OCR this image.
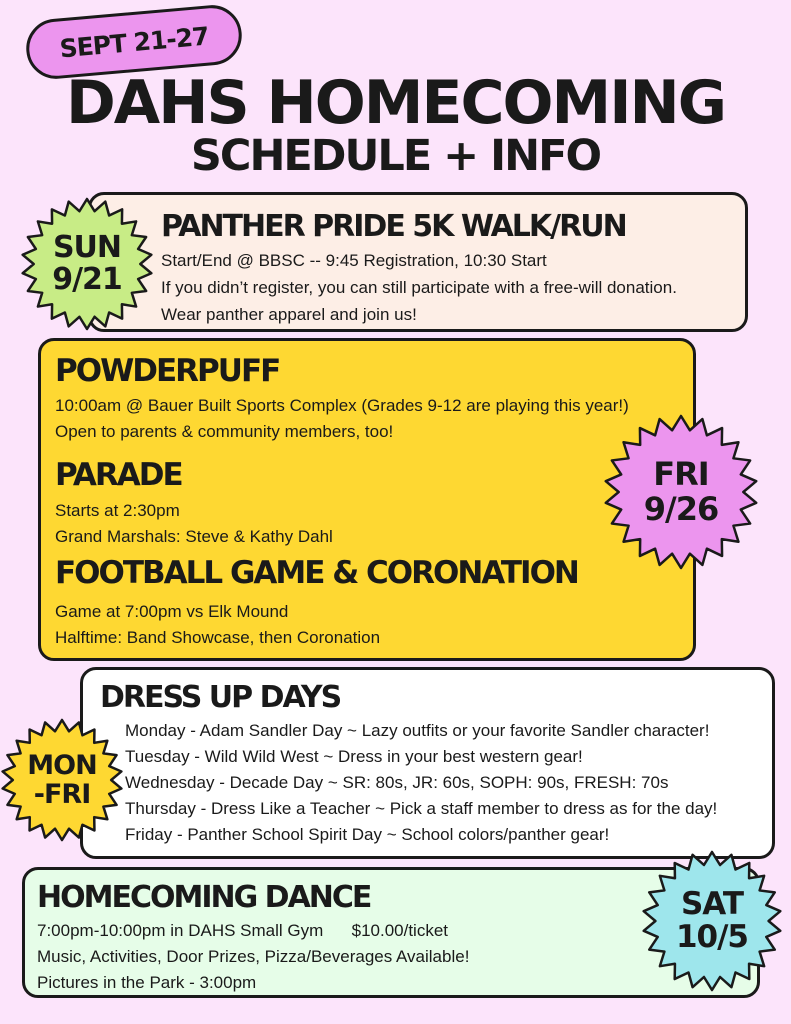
SEPT 21-27
DAHS HOMECOMING
SCHEDULE + INFO
PANTHER PRIDE 5K WALK/RUN
Start/End @ BBSC -- 9:45 Registration, 10:30 Start
If you didn’t register, you can still participate with a free-will donation.
Wear panther apparel and join us!
POWDERPUFF
10:00am @ Bauer Built Sports Complex (Grades 9-12 are playing this year!)
Open to parents & community members, too!
PARADE
Starts at 2:30pm
Grand Marshals: Steve & Kathy Dahl
FOOTBALL GAME & CORONATION
Game at 7:00pm vs Elk Mound
Halftime: Band Showcase, then Coronation
DRESS UP DAYS
Monday - Adam Sandler Day ~ Lazy outfits or your favorite Sandler character!
Tuesday - Wild Wild West ~ Dress in your best western gear!
Wednesday - Decade Day ~ SR: 80s, JR: 60s, SOPH: 90s, FRESH: 70s
Thursday - Dress Like a Teacher ~ Pick a staff member to dress as for the day!
Friday - Panther School Spirit Day ~ School colors/panther gear!
HOMECOMING DANCE
7:00pm-10:00pm in DAHS Small Gym      $10.00/ticket
Music, Activities, Door Prizes, Pizza/Beverages Available!
Pictures in the Park - 3:00pm
SUN
9/21
FRI
9/26
MON
-FRI
SAT
10/5
